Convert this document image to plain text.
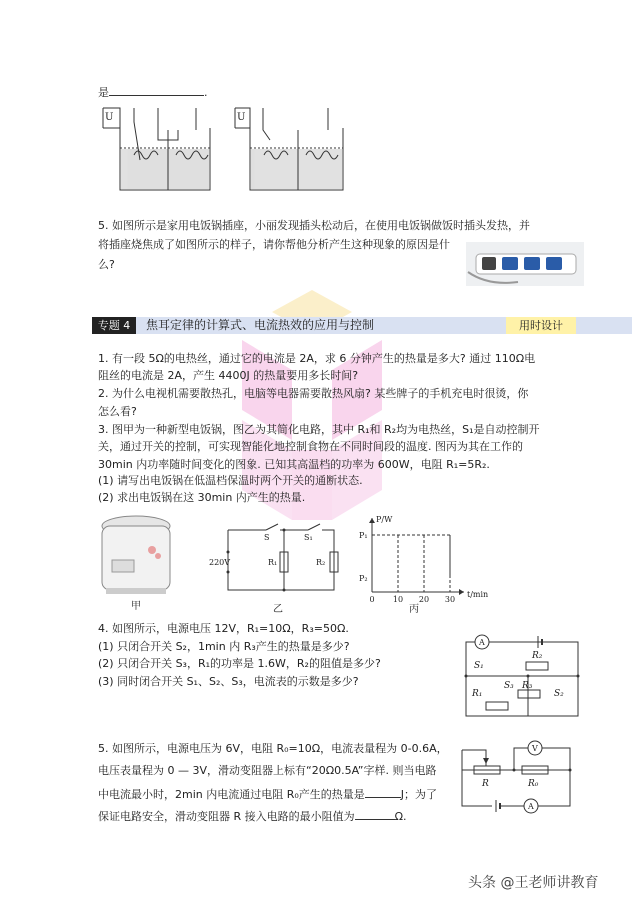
是	.
U	U
5. 如图所示是家用电饭锅插座，小丽发现插头松动后，在使用电饭锅做饭时插头发热，并
将插座烧焦成了如图所示的样子，请你帮他分析产生这种现象的原因是什
么?
专题 4	焦耳定律的计算式、电流热效的应用与控制	用时设计
1. 有一段 5Ω的电热丝，通过它的电流是 2A，求 6 分钟产生的热量是多大? 通过 110Ω电
阻丝的电流是 2A，产生 4400J 的热量要用多长时间?
2. 为什么电视机需要散热孔，电脑等电器需要散热风扇? 某些牌子的手机充电时很烫，你
怎么看?
3. 图甲为一种新型电饭锅，图乙为其简化电路，其中 R₁和 R₂均为电热丝，S₁是自动控制开
关，通过开关的控制，可实现智能化地控制食物在不同时间段的温度. 图丙为其在工作的
30min 内功率随时间变化的图象. 已知其高温档的功率为 600W，电阻 R₁=5R₂.
(1) 请写出电饭锅在低温档保温时两个开关的通断状态.
(2) 求出电饭锅在这 30min 内产生的热量.
甲
S	S₁
220V	R₁	R₂
乙
P/W
t/min
P₁
P₂
0 10 20 30
丙
4. 如图所示，电源电压 12V，R₁=10Ω，R₃=50Ω.
(1) 只闭合开关 S₂，1min 内 R₃产生的热量是多少?
(2) 只闭合开关 S₃，R₁的功率是 1.6W，R₂的阻值是多少?
(3) 同时闭合开关 S₁、S₂、S₃，电流表的示数是多少?
A
S₁
R₂
S₃
R₁
R₃
S₂
5. 如图所示，电源电压为 6V，电阻 R₀=10Ω，电流表量程为 0-0.6A，
电压表量程为 0 — 3V，滑动变阻器上标有“20Ω0.5A”字样. 则当电路
中电流最小时，2min 内电流通过电阻 R₀产生的热量是	J；为了
保证电路安全，滑动变阻器 R 接入电路的最小阻值为	Ω.
V
R	R₀
A
头条 @王老师讲教育
